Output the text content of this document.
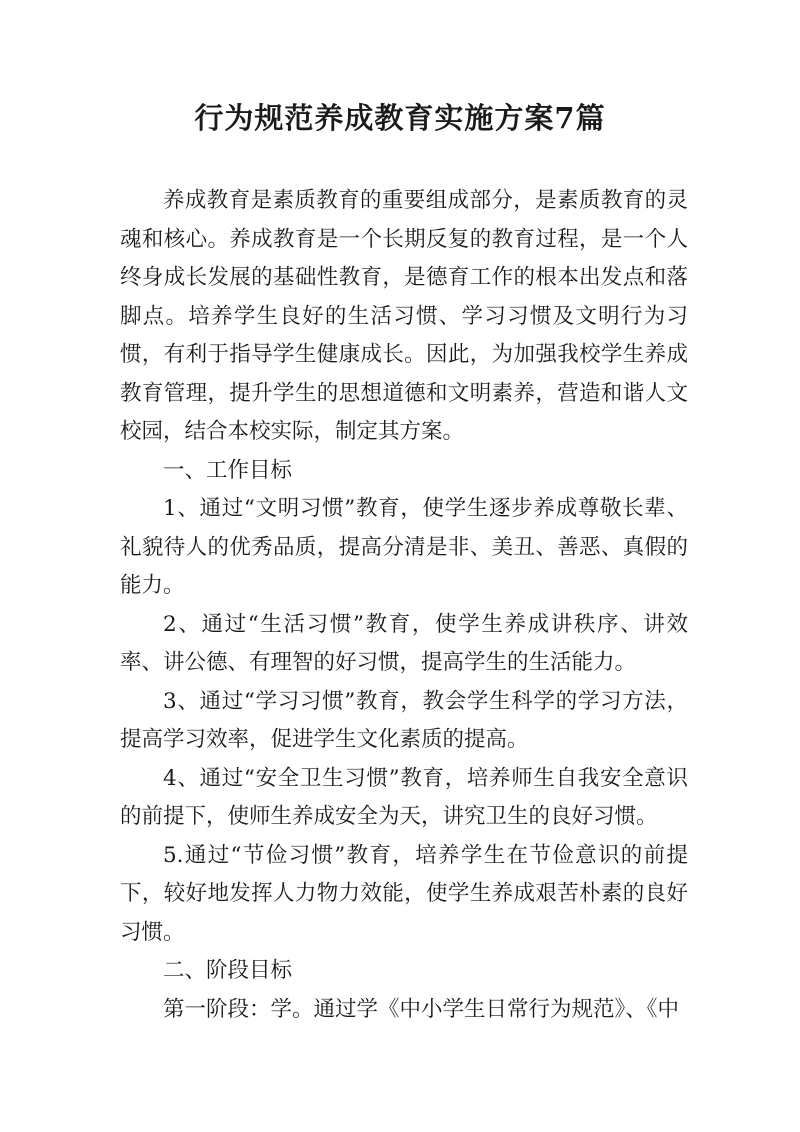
行为规范养成教育实施方案7篇

养成教育是素质教育的重要组成部分，是素质教育的灵魂和核心。养成教育是一个长期反复的教育过程，是一个人终身成长发展的基础性教育，是德育工作的根本出发点和落脚点。培养学生良好的生活习惯、学习习惯及文明行为习惯，有利于指导学生健康成长。因此，为加强我校学生养成教育管理，提升学生的思想道德和文明素养，营造和谐人文校园，结合本校实际，制定其方案。

一、工作目标

1、通过“文明习惯”教育，使学生逐步养成尊敬长辈、礼貌待人的优秀品质，提高分清是非、美丑、善恶、真假的能力。

2、通过“生活习惯”教育，使学生养成讲秩序、讲效率、讲公德、有理智的好习惯，提高学生的生活能力。

3、通过“学习习惯”教育，教会学生科学的学习方法，提高学习效率，促进学生文化素质的提高。

4、通过“安全卫生习惯”教育，培养师生自我安全意识的前提下，使师生养成安全为天，讲究卫生的良好习惯。

5.通过“节俭习惯”教育，培养学生在节俭意识的前提下，较好地发挥人力物力效能，使学生养成艰苦朴素的良好习惯。

二、阶段目标

第一阶段：学。通过学《中小学生日常行为规范》、《中
